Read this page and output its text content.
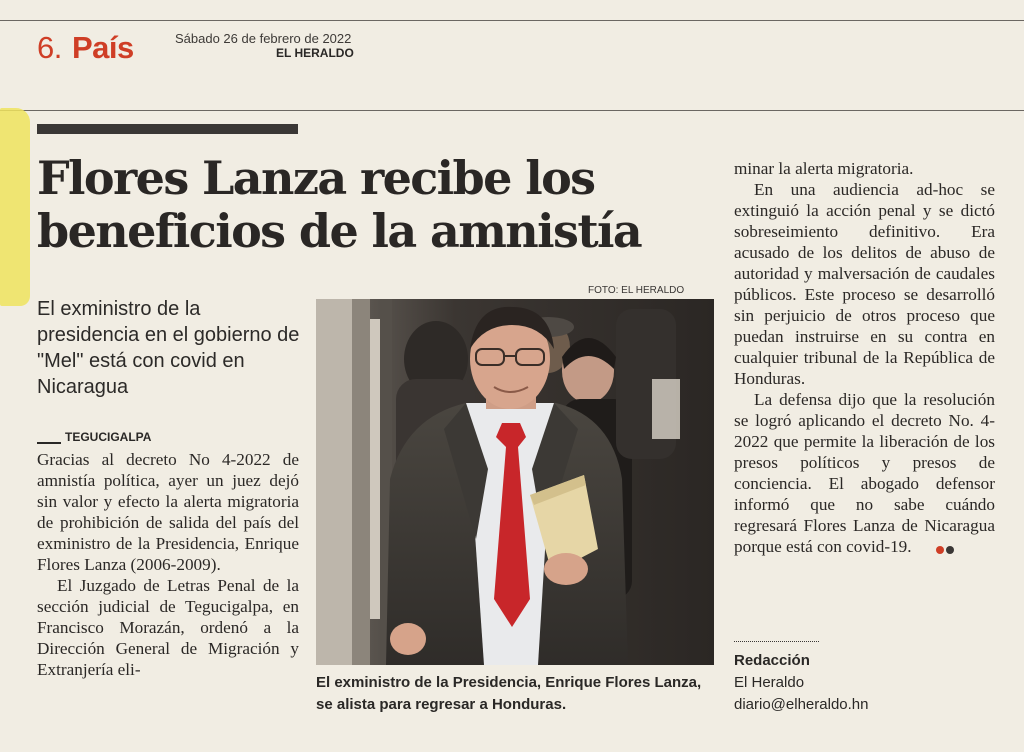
6. País	Sábado 26 de febrero de 2022
EL HERALDO
Flores Lanza recibe los
beneficios de la amnistía
El exministro de la presidencia en el gobierno de "Mel" está con covid en Nicaragua
TEGUCIGALPA

Gracias al decreto No 4-2022 de amnistía política, ayer un juez dejó sin valor y efecto la alerta migratoria de prohibición de salida del país del exministro de la Presidencia, Enrique Flores Lanza (2006-2009).

El Juzgado de Letras Penal de la sección judicial de Tegucigalpa, en Francisco Morazán, ordenó a la Dirección General de Migración y Extranjería eli-

FOTO: EL HERALDO
El exministro de la Presidencia, Enrique Flores Lanza, se alista para regresar a Honduras.

minar la alerta migratoria.

En una audiencia ad-hoc se extinguió la acción penal y se dictó sobreseimiento definitivo. Era acusado de los delitos de abuso de autoridad y malversación de caudales públicos. Este proceso se desarrolló sin perjuicio de otros proceso que puedan instruirse en su contra en cualquier tribunal de la República de Honduras.

La defensa dijo que la resolución se logró aplicando el decreto No. 4-2022 que permite la liberación de los presos políticos y presos de conciencia. El abogado defensor informó que no sabe cuándo regresará Flores Lanza de Nicaragua porque está con covid-19.

Redacción
El Heraldo
diario@elheraldo.hn
